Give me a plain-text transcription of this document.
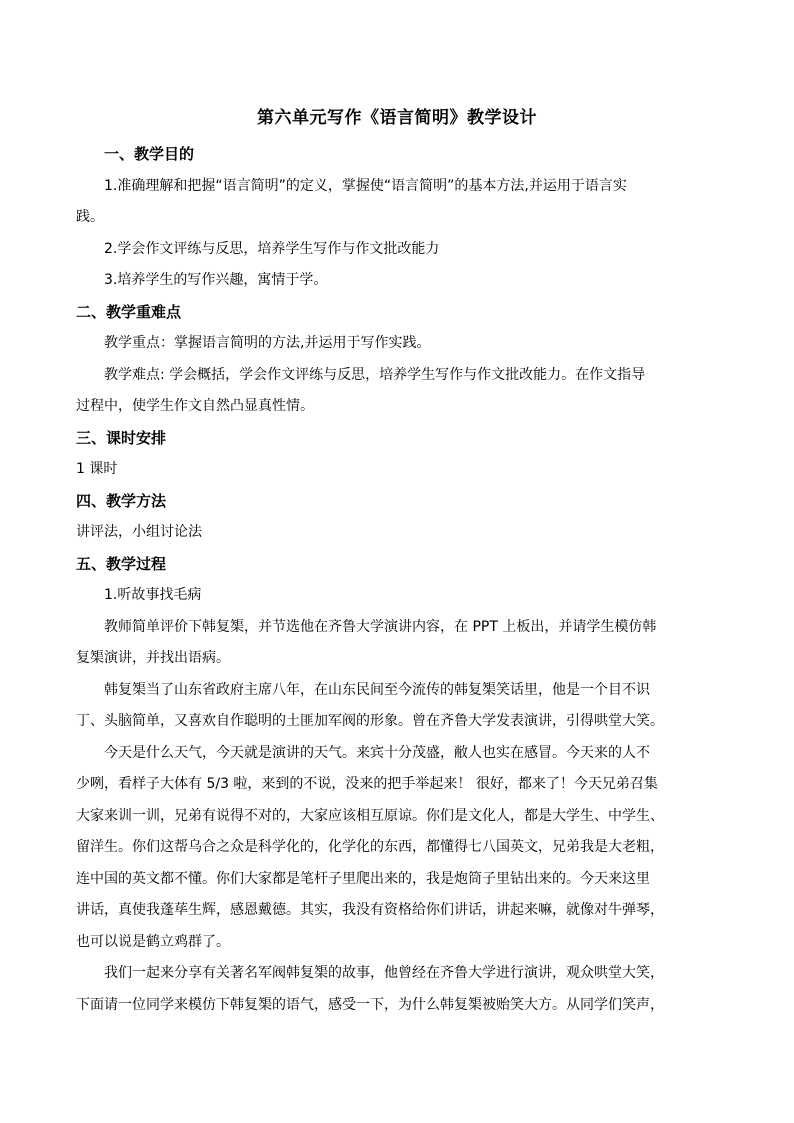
第六单元写作《语言简明》教学设计

一、教学目的

1.准确理解和把握“语言简明”的定义，掌握使“语言简明”的基本方法,并运用于语言实

践。

2.学会作文评练与反思，培养学生写作与作文批改能力

3.培养学生的写作兴趣，寓情于学。

二、教学重难点

教学重点：掌握语言简明的方法,并运用于写作实践。

教学难点: 学会概括，学会作文评练与反思，培养学生写作与作文批改能力。在作文指导

过程中，使学生作文自然凸显真性情。

三、课时安排

1 课时

四、教学方法

讲评法，小组讨论法

五、教学过程

1.听故事找毛病

教师简单评价下韩复榘，并节选他在齐鲁大学演讲内容，在 PPT 上板出，并请学生模仿韩

复榘演讲，并找出语病。

韩复榘当了山东省政府主席八年，在山东民间至今流传的韩复榘笑话里，他是一个目不识

丁、头脑简单，又喜欢自作聪明的土匪加军阀的形象。曾在齐鲁大学发表演讲，引得哄堂大笑。

今天是什么天气，今天就是演讲的天气。来宾十分茂盛，敝人也实在感冒。今天来的人不

少咧，看样子大体有 5/3 啦，来到的不说，没来的把手举起来！ 很好，都来了！今天兄弟召集

大家来训一训，兄弟有说得不对的，大家应该相互原谅。你们是文化人，都是大学生、中学生、

留洋生。你们这帮乌合之众是科学化的，化学化的东西，都懂得七八国英文，兄弟我是大老粗，

连中国的英文都不懂。你们大家都是笔杆子里爬出来的，我是炮筒子里钻出来的。今天来这里

讲话，真使我蓬荜生辉，感恩戴德。其实，我没有资格给你们讲话，讲起来嘛，就像对牛弹琴，

也可以说是鹤立鸡群了。

我们一起来分享有关著名军阀韩复榘的故事，他曾经在齐鲁大学进行演讲，观众哄堂大笑，

下面请一位同学来模仿下韩复榘的语气，感受一下，为什么韩复榘被贻笑大方。从同学们笑声，
